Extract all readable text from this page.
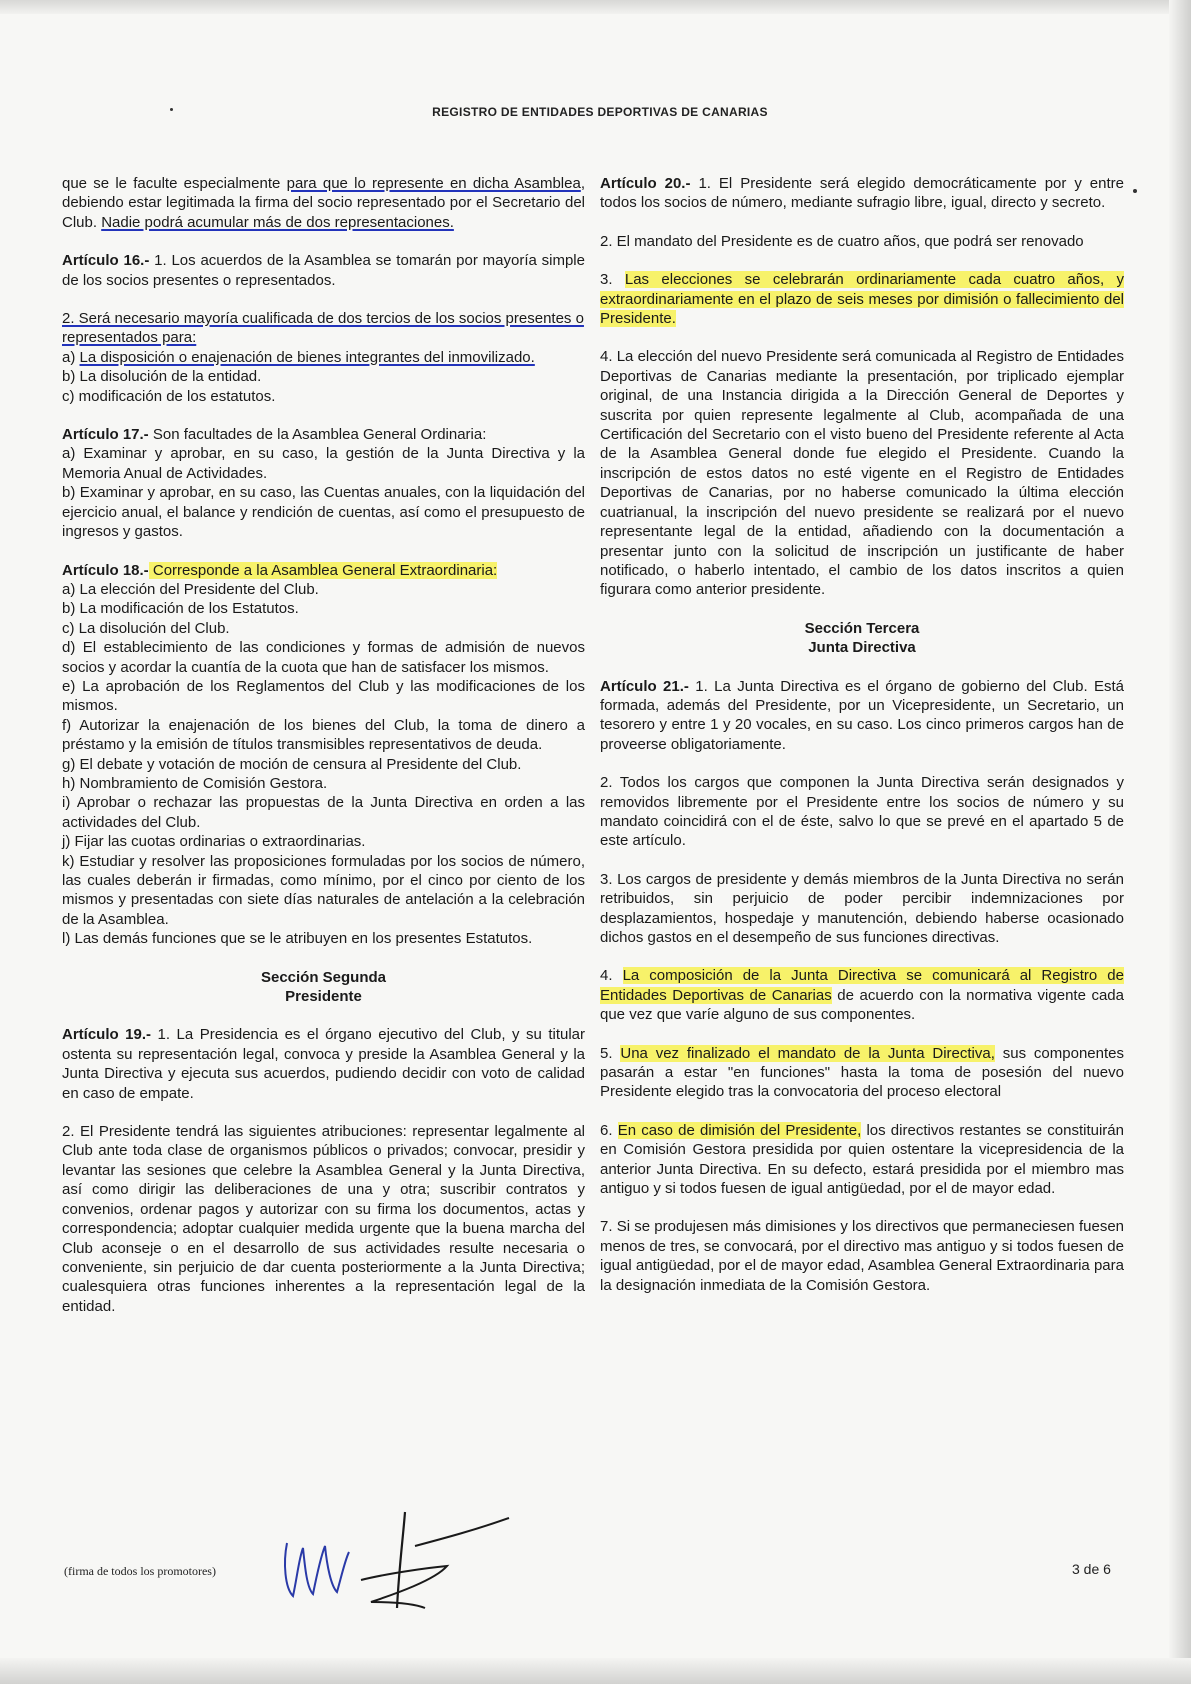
REGISTRO DE ENTIDADES DEPORTIVAS DE CANARIAS

que se le faculte especialmente para que lo represente en dicha Asamblea, debiendo estar legitimada la firma del socio representado por el Secretario del Club. Nadie podrá acumular más de dos representaciones.

Artículo 16.- 1. Los acuerdos de la Asamblea se tomarán por mayoría simple de los socios presentes o representados.

2. Será necesario mayoría cualificada de dos tercios de los socios presentes o representados para:
a) La disposición o enajenación de bienes integrantes del inmovilizado.
b) La disolución de la entidad.
c) modificación de los estatutos.

Artículo 17.- Son facultades de la Asamblea General Ordinaria:
a) Examinar y aprobar, en su caso, la gestión de la Junta Directiva y la Memoria Anual de Actividades.
b) Examinar y aprobar, en su caso, las Cuentas anuales, con la liquidación del ejercicio anual, el balance y rendición de cuentas, así como el presupuesto de ingresos y gastos.

Artículo 18.- Corresponde a la Asamblea General Extraordinaria:
a) La elección del Presidente del Club.
b) La modificación de los Estatutos.
c) La disolución del Club.
d) El establecimiento de las condiciones y formas de admisión de nuevos socios y acordar la cuantía de la cuota que han de satisfacer los mismos.
e) La aprobación de los Reglamentos del Club y las modificaciones de los mismos.
f) Autorizar la enajenación de los bienes del Club, la toma de dinero a préstamo y la emisión de títulos transmisibles representativos de deuda.
g) El debate y votación de moción de censura al Presidente del Club.
h) Nombramiento de Comisión Gestora.
i) Aprobar o rechazar las propuestas de la Junta Directiva en orden a las actividades del Club.
j) Fijar las cuotas ordinarias o extraordinarias.
k) Estudiar y resolver las proposiciones formuladas por los socios de número, las cuales deberán ir firmadas, como mínimo, por el cinco por ciento de los mismos y presentadas con siete días naturales de antelación a la celebración de la Asamblea.
l) Las demás funciones que se le atribuyen en los presentes Estatutos.

Sección Segunda
Presidente

Artículo 19.- 1. La Presidencia es el órgano ejecutivo del Club, y su titular ostenta su representación legal, convoca y preside la Asamblea General y la Junta Directiva y ejecuta sus acuerdos, pudiendo decidir con voto de calidad en caso de empate.

2. El Presidente tendrá las siguientes atribuciones: representar legalmente al Club ante toda clase de organismos públicos o privados; convocar, presidir y levantar las sesiones que celebre la Asamblea General y la Junta Directiva, así como dirigir las deliberaciones de una y otra; suscribir contratos y convenios, ordenar pagos y autorizar con su firma los documentos, actas y correspondencia; adoptar cualquier medida urgente que la buena marcha del Club aconseje o en el desarrollo de sus actividades resulte necesaria o conveniente, sin perjuicio de dar cuenta posteriormente a la Junta Directiva; cualesquiera otras funciones inherentes a la representación legal de la entidad.

Artículo 20.- 1. El Presidente será elegido democráticamente por y entre todos los socios de número, mediante sufragio libre, igual, directo y secreto.

2. El mandato del Presidente es de cuatro años, que podrá ser renovado

3. Las elecciones se celebrarán ordinariamente cada cuatro años, y extraordinariamente en el plazo de seis meses por dimisión o fallecimiento del Presidente.

4. La elección del nuevo Presidente será comunicada al Registro de Entidades Deportivas de Canarias mediante la presentación, por triplicado ejemplar original, de una Instancia dirigida a la Dirección General de Deportes y suscrita por quien represente legalmente al Club, acompañada de una Certificación del Secretario con el visto bueno del Presidente referente al Acta de la Asamblea General donde fue elegido el Presidente. Cuando la inscripción de estos datos no esté vigente en el Registro de Entidades Deportivas de Canarias, por no haberse comunicado la última elección cuatrianual, la inscripción del nuevo presidente se realizará por el nuevo representante legal de la entidad, añadiendo con la documentación a presentar junto con la solicitud de inscripción un justificante de haber notificado, o haberlo intentado, el cambio de los datos inscritos a quien figurara como anterior presidente.

Sección Tercera
Junta Directiva

Artículo 21.- 1. La Junta Directiva es el órgano de gobierno del Club. Está formada, además del Presidente, por un Vicepresidente, un Secretario, un tesorero y entre 1 y 20 vocales, en su caso. Los cinco primeros cargos han de proveerse obligatoriamente.

2. Todos los cargos que componen la Junta Directiva serán designados y removidos libremente por el Presidente entre los socios de número y su mandato coincidirá con el de éste, salvo lo que se prevé en el apartado 5 de este artículo.

3. Los cargos de presidente y demás miembros de la Junta Directiva no serán retribuidos, sin perjuicio de poder percibir indemnizaciones por desplazamientos, hospedaje y manutención, debiendo haberse ocasionado dichos gastos en el desempeño de sus funciones directivas.

4. La composición de la Junta Directiva se comunicará al Registro de Entidades Deportivas de Canarias de acuerdo con la normativa vigente cada que vez que varíe alguno de sus componentes.

5. Una vez finalizado el mandato de la Junta Directiva, sus componentes pasarán a estar "en funciones" hasta la toma de posesión del nuevo Presidente elegido tras la convocatoria del proceso electoral

6. En caso de dimisión del Presidente, los directivos restantes se constituirán en Comisión Gestora presidida por quien ostentare la vicepresidencia de la anterior Junta Directiva. En su defecto, estará presidida por el miembro mas antiguo y si todos fuesen de igual antigüedad, por el de mayor edad.

7. Si se produjesen más dimisiones y los directivos que permaneciesen fuesen menos de tres, se convocará, por el directivo mas antiguo y si todos fuesen de igual antigüedad, por el de mayor edad, Asamblea General Extraordinaria para la designación inmediata de la Comisión Gestora.

(firma de todos los promotores)	3 de 6
